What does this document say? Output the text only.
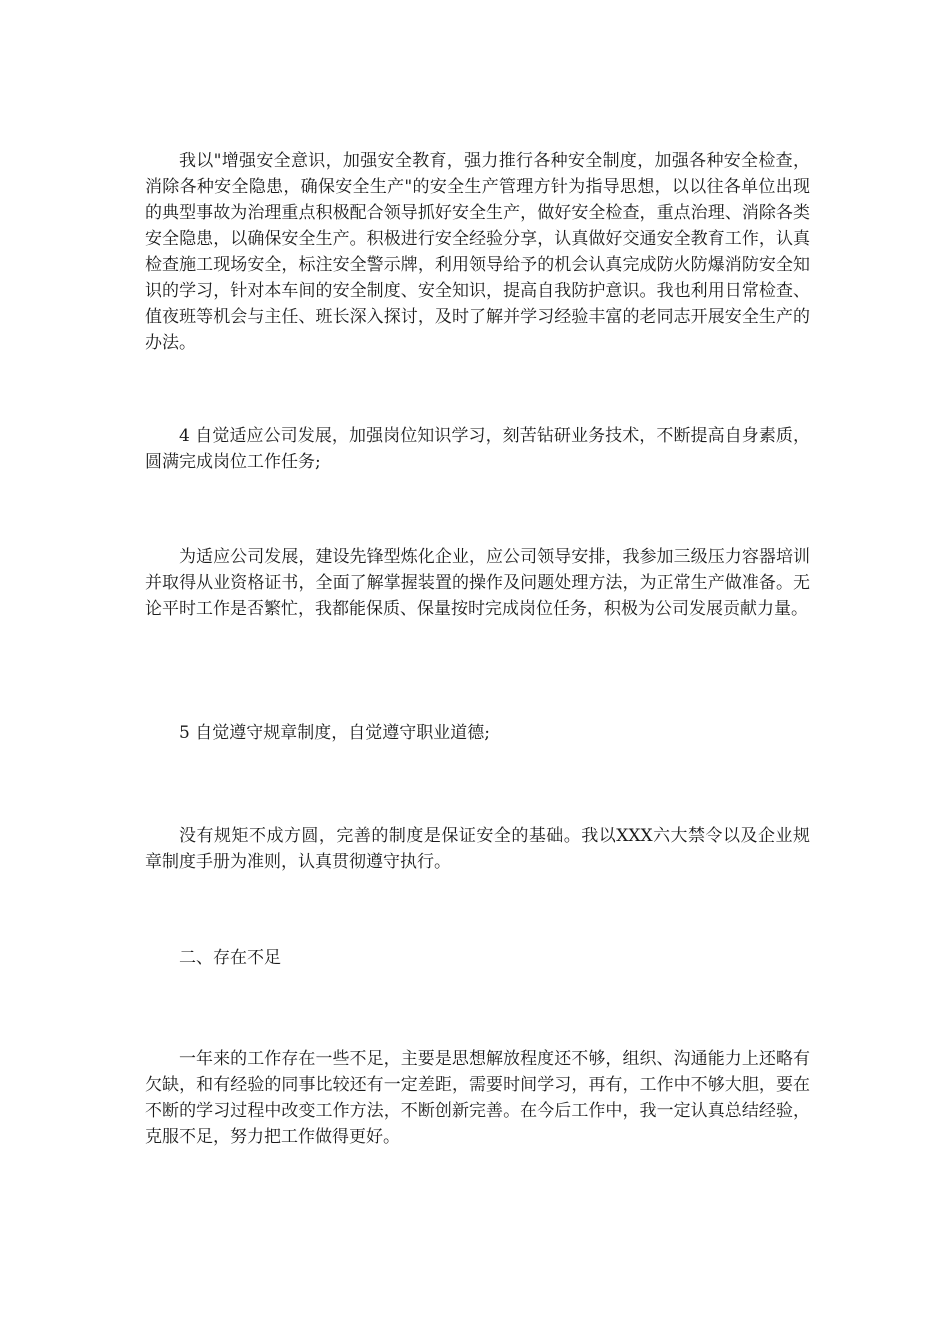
我以"增强安全意识，加强安全教育，强力推行各种安全制度，加强各种安全检查，消除各种安全隐患，确保安全生产"的安全生产管理方针为指导思想，以以往各单位出现的典型事故为治理重点积极配合领导抓好安全生产，做好安全检查，重点治理、消除各类安全隐患，以确保安全生产。积极进行安全经验分享，认真做好交通安全教育工作，认真检查施工现场安全，标注安全警示牌，利用领导给予的机会认真完成防火防爆消防安全知识的学习，针对本车间的安全制度、安全知识，提高自我防护意识。我也利用日常检查、值夜班等机会与主任、班长深入探讨，及时了解并学习经验丰富的老同志开展安全生产的办法。

4 自觉适应公司发展，加强岗位知识学习，刻苦钻研业务技术，不断提高自身素质，圆满完成岗位工作任务;

为适应公司发展，建设先锋型炼化企业，应公司领导安排，我参加三级压力容器培训并取得从业资格证书，全面了解掌握装置的操作及问题处理方法，为正常生产做准备。无论平时工作是否繁忙，我都能保质、保量按时完成岗位任务，积极为公司发展贡献力量。

5 自觉遵守规章制度，自觉遵守职业道德;

没有规矩不成方圆，完善的制度是保证安全的基础。我以XXX六大禁令以及企业规章制度手册为准则，认真贯彻遵守执行。

二、存在不足

一年来的工作存在一些不足，主要是思想解放程度还不够，组织、沟通能力上还略有欠缺，和有经验的同事比较还有一定差距，需要时间学习，再有，工作中不够大胆，要在不断的学习过程中改变工作方法，不断创新完善。在今后工作中，我一定认真总结经验，克服不足，努力把工作做得更好。
